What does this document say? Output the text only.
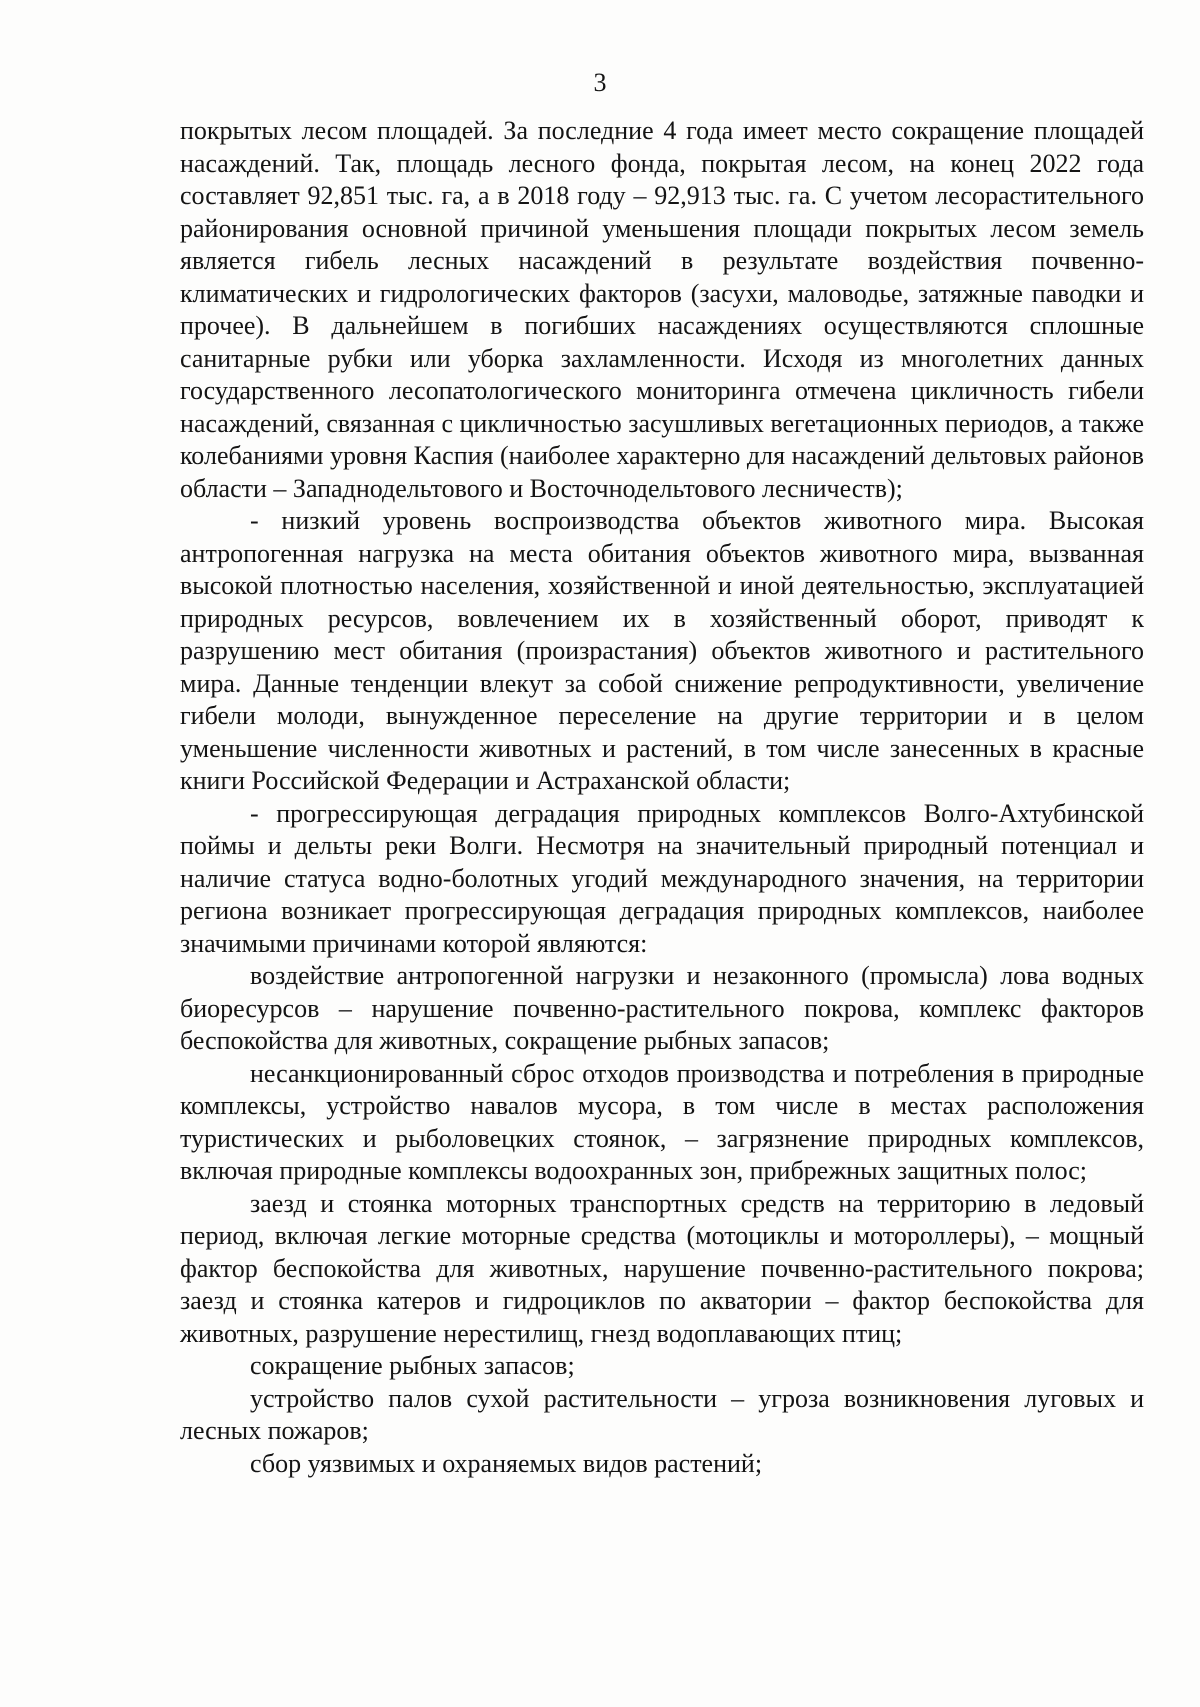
3

покрытых лесом площадей. За последние 4 года имеет место сокращение площадей насаждений. Так, площадь лесного фонда, покрытая лесом, на конец 2022 года составляет 92,851 тыс. га, а в 2018 году – 92,913 тыс. га. С учетом лесорастительного районирования основной причиной уменьшения площади покрытых лесом земель является гибель лесных насаждений в результате воздействия почвенно-климатических и гидрологических факторов (засухи, маловодье, затяжные паводки и прочее). В дальнейшем в погибших насаждениях осуществляются сплошные санитарные рубки или уборка захламленности. Исходя из многолетних данных государственного лесопатологического мониторинга отмечена цикличность гибели насаждений, связанная с цикличностью засушливых вегетационных периодов, а также колебаниями уровня Каспия (наиболее характерно для насаждений дельтовых районов области – Западнодельтового и Восточнодельтового лесничеств);

- низкий уровень воспроизводства объектов животного мира. Высокая антропогенная нагрузка на места обитания объектов животного мира, вызванная высокой плотностью населения, хозяйственной и иной деятельностью, эксплуатацией природных ресурсов, вовлечением их в хозяйственный оборот, приводят к разрушению мест обитания (произрастания) объектов животного и растительного мира. Данные тенденции влекут за собой снижение репродуктивности, увеличение гибели молоди, вынужденное переселение на другие территории и в целом уменьшение численности животных и растений, в том числе занесенных в красные книги Российской Федерации и Астраханской области;

- прогрессирующая деградация природных комплексов Волго-Ахтубинской поймы и дельты реки Волги. Несмотря на значительный природный потенциал и наличие статуса водно-болотных угодий международного значения, на территории региона возникает прогрессирующая деградация природных комплексов, наиболее значимыми причинами которой являются:

воздействие антропогенной нагрузки и незаконного (промысла) лова водных биоресурсов – нарушение почвенно-растительного покрова, комплекс факторов беспокойства для животных, сокращение рыбных запасов;

несанкционированный сброс отходов производства и потребления в природные комплексы, устройство навалов мусора, в том числе в местах расположения туристических и рыболовецких стоянок, – загрязнение природных комплексов, включая природные комплексы водоохранных зон, прибрежных защитных полос;

заезд и стоянка моторных транспортных средств на территорию в ледовый период, включая легкие моторные средства (мотоциклы и мотороллеры), – мощный фактор беспокойства для животных, нарушение почвенно-растительного покрова; заезд и стоянка катеров и гидроциклов по акватории – фактор беспокойства для животных, разрушение нерестилищ, гнезд водоплавающих птиц;

сокращение рыбных запасов;

устройство палов сухой растительности – угроза возникновения луговых и лесных пожаров;

сбор уязвимых и охраняемых видов растений;
